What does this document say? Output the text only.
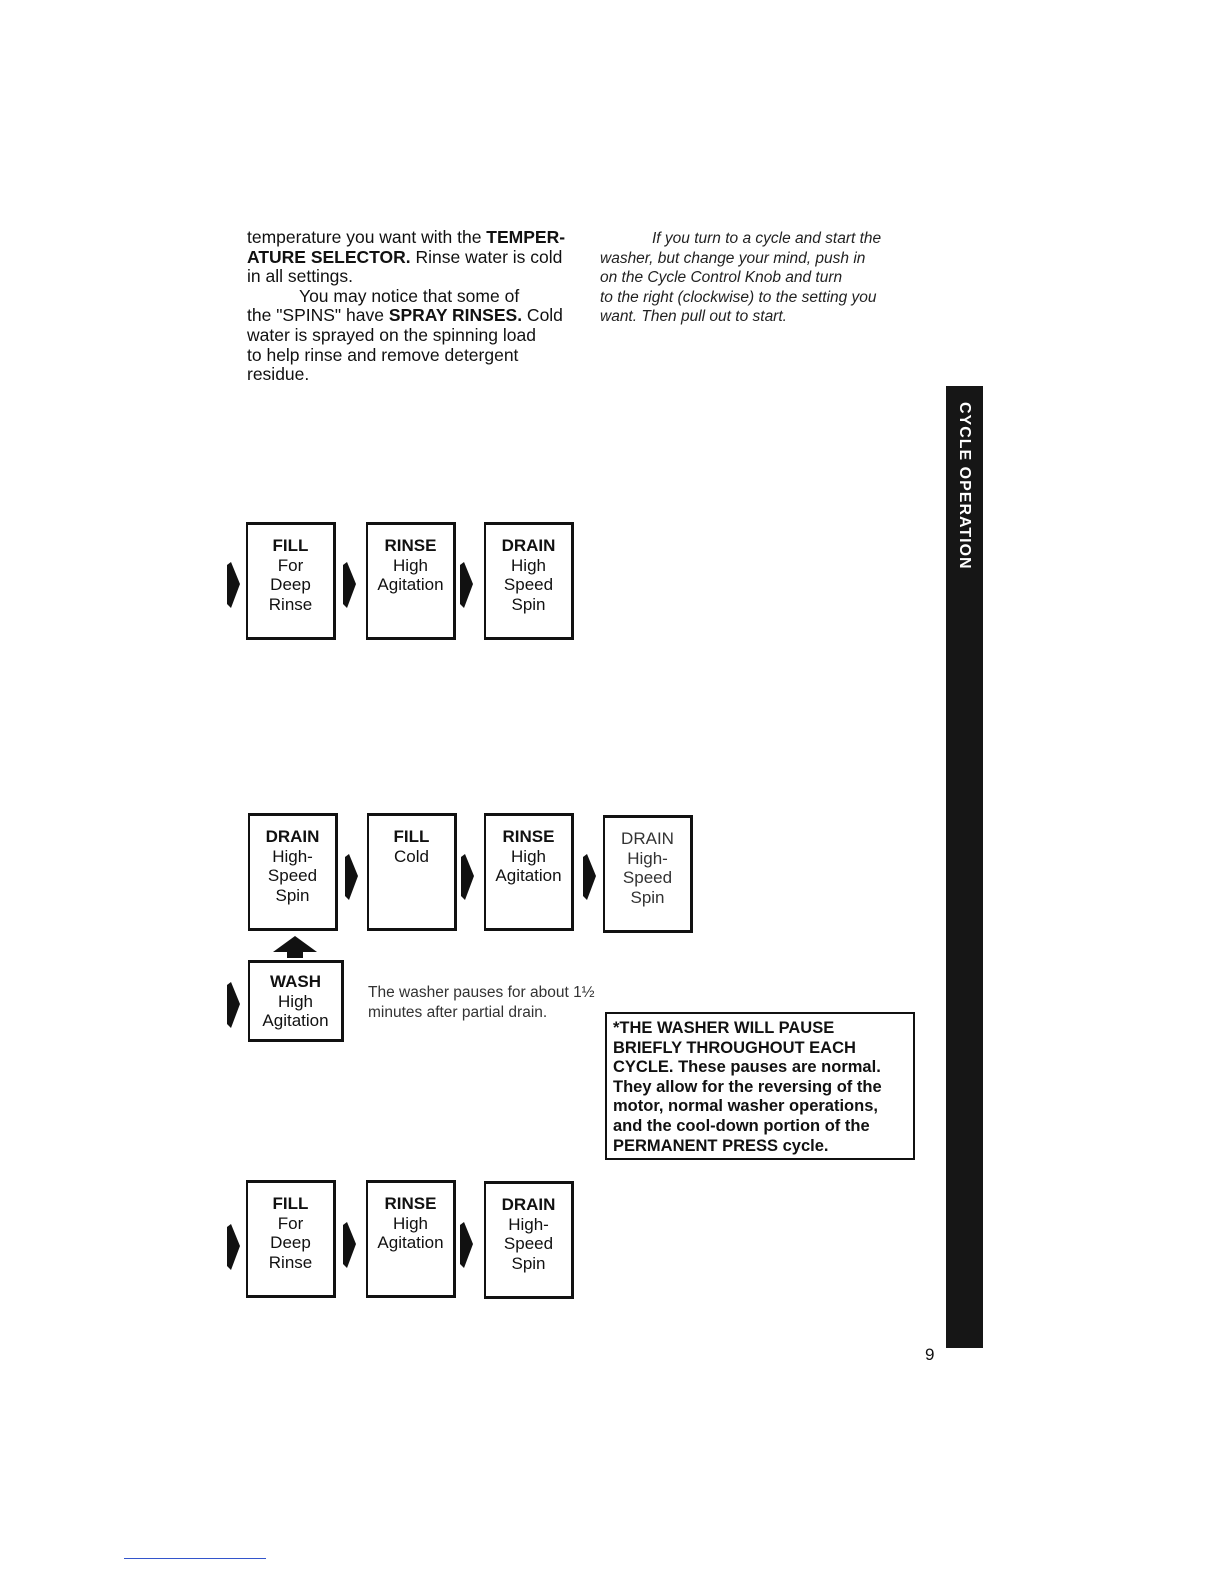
temperature you want with the TEMPER-
ATURE SELECTOR. Rinse water is cold
in all settings.
You may notice that some of
the "SPINS" have SPRAY RINSES. Cold
water is sprayed on the spinning load
to help rinse and remove detergent
residue.
If you turn to a cycle and start the
washer, but change your mind, push in
on the Cycle Control Knob and turn
to the right (clockwise) to the setting you
want. Then pull out to start.
FILL
For
Deep
Rinse
RINSE
High
Agitation
DRAIN
High
Speed
Spin
DRAIN
High-
Speed
Spin
FILL
Cold
RINSE
High
Agitation
DRAIN
High-
Speed
Spin
WASH
High
Agitation
The washer pauses for about 1½
minutes after partial drain.
*THE WASHER WILL PAUSE BRIEFLY THROUGHOUT EACH CYCLE. These pauses are normal. They allow for the reversing of the motor, normal washer operations, and the cool-down portion of the PERMANENT PRESS cycle.
FILL
For
Deep
Rinse
RINSE
High
Agitation
DRAIN
High-
Speed
Spin
CYCLE OPERATION
9
